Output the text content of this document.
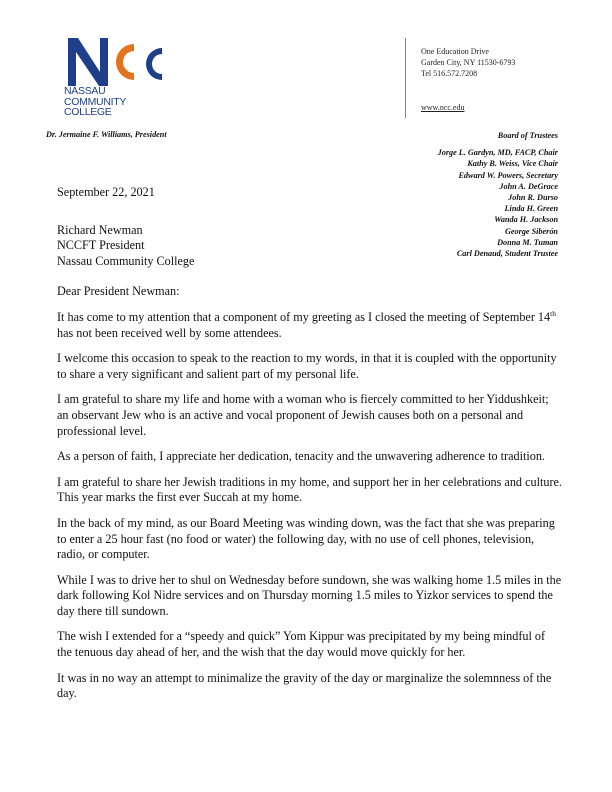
NASSAU
COMMUNITY
COLLEGE
One Education Drive
Garden City, NY 11530-6793
Tel 516.572.7208
www.ncc.edu
Dr. Jermaine F. Williams, President	Board of Trustees
Jorge L. Gardyn, MD, FACP, Chair
Kathy B. Weiss, Vice Chair
Edward W. Powers, Secretary
John A. DeGrace
John R. Durso
Linda H. Green
Wanda H. Jackson
George Siberón
Donna M. Tuman
Carl Denaud, Student Trustee

September 22, 2021

Richard Newman
NCCFT President
Nassau Community College

Dear President Newman:

It has come to my attention that a component of my greeting as I closed the meeting of September 14th has not been received well by some attendees.

I welcome this occasion to speak to the reaction to my words, in that it is coupled with the opportunity to share a very significant and salient part of my personal life.

I am grateful to share my life and home with a woman who is fiercely committed to her Yiddushkeit; an observant Jew who is an active and vocal proponent of Jewish causes both on a personal and professional level.

As a person of faith, I appreciate her dedication, tenacity and the unwavering adherence to tradition.

I am grateful to share her Jewish traditions in my home, and support her in her celebrations and culture. This year marks the first ever Succah at my home.

In the back of my mind, as our Board Meeting was winding down, was the fact that she was preparing to enter a 25 hour fast (no food or water) the following day, with no use of cell phones, television, radio, or computer.

While I was to drive her to shul on Wednesday before sundown, she was walking home 1.5 miles in the dark following Kol Nidre services and on Thursday morning 1.5 miles to Yizkor services to spend the day there till sundown.

The wish I extended for a “speedy and quick” Yom Kippur was precipitated by my being mindful of the tenuous day ahead of her, and the wish that the day would move quickly for her.

It was in no way an attempt to minimalize the gravity of the day or marginalize the solemnness of the day.
